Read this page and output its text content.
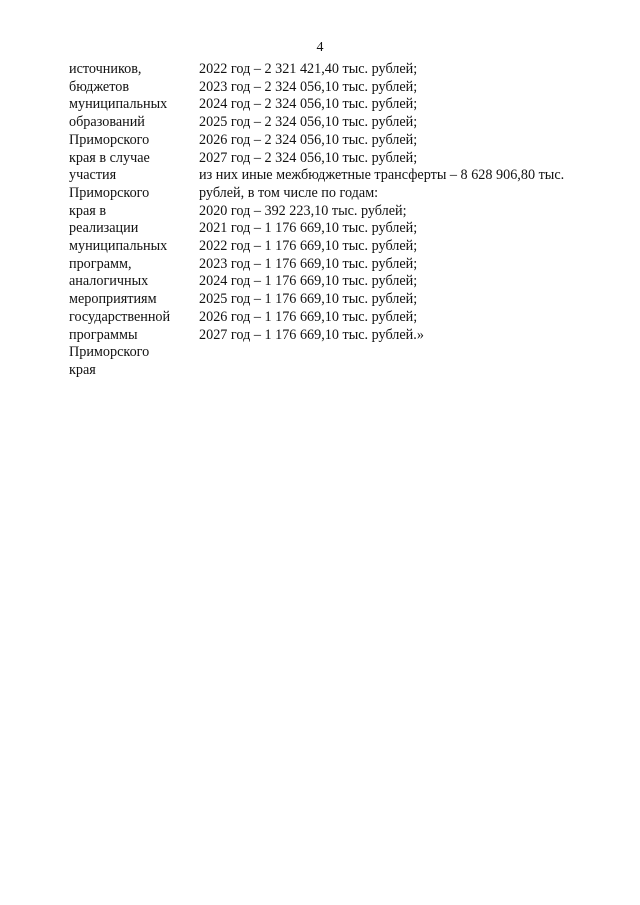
4
источников,
бюджетов
муниципальных
образований
Приморского
края в случае
участия
Приморского
края в
реализации
муниципальных
программ,
аналогичных
мероприятиям
государственной
программы
Приморского
края
2022 год – 2 321 421,40 тыс. рублей;
2023 год – 2 324 056,10 тыс. рублей;
2024 год – 2 324 056,10 тыс. рублей;
2025 год – 2 324 056,10 тыс. рублей;
2026 год – 2 324 056,10 тыс. рублей;
2027 год – 2 324 056,10 тыс. рублей;
из них иные межбюджетные трансферты – 8 628 906,80 тыс.
рублей, в том числе по годам:
2020 год – 392 223,10 тыс. рублей;
2021 год – 1 176 669,10 тыс. рублей;
2022 год – 1 176 669,10 тыс. рублей;
2023 год – 1 176 669,10 тыс. рублей;
2024 год – 1 176 669,10 тыс. рублей;
2025 год – 1 176 669,10 тыс. рублей;
2026 год – 1 176 669,10 тыс. рублей;
2027 год – 1 176 669,10 тыс. рублей.»
